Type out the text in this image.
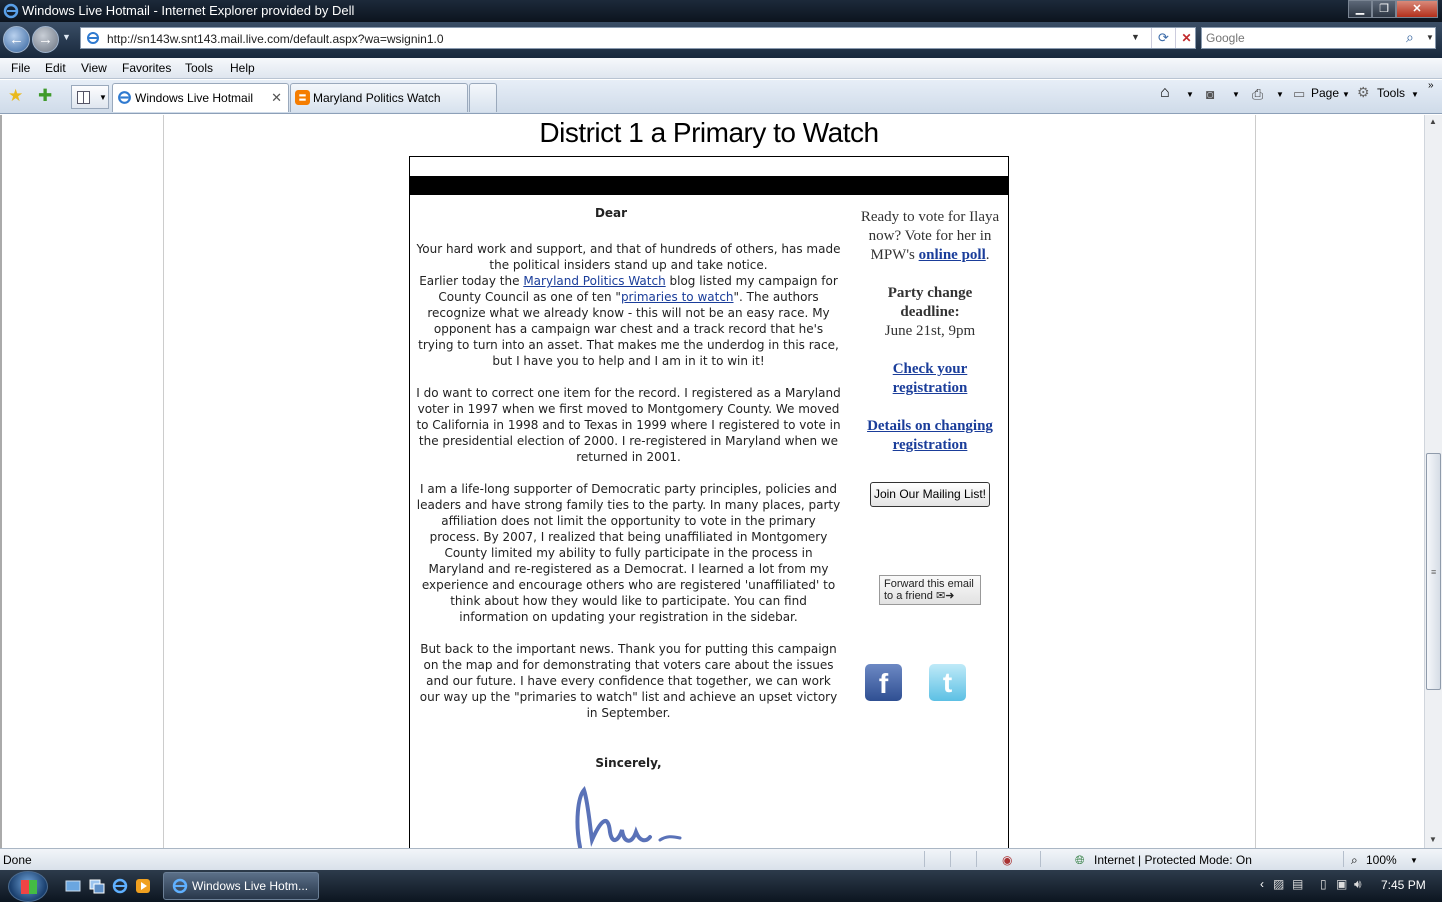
Windows Live Hotmail - Internet Explorer provided by Dell	▁	❐	✕
← →	▼	http://sn143w.snt143.mail.live.com/default.aspx?wa=wsignin1.0	▼	⟳	✕
Google	⌕ ▼
File Edit View Favorites Tools Help
★ ✚	▼ Windows Live Hotmail ✕	Maryland Politics Watch	⌂ ▼ ◙ ▼ ⎙ ▼ ▭ Page ▼ ⚙ Tools ▼
»
District 1 a Primary to Watch
Dear

Your hard work and support, and that of hundreds of others, has made the political insiders stand up and take notice.
Earlier today the Maryland Politics Watch blog listed my campaign for County Council as one of ten "primaries to watch". The authors recognize what we already know - this will not be an easy race. My opponent has a campaign war chest and a track record that he's trying to turn into an asset. That makes me the underdog in this race, but I have you to help and I am in it to win it!

I do want to correct one item for the record. I registered as a Maryland voter in 1997 when we first moved to Montgomery County. We moved to California in 1998 and to Texas in 1999 where I registered to vote in the presidential election of 2000. I re-registered in Maryland when we returned in 2001.

I am a life-long supporter of Democratic party principles, policies and leaders and have strong family ties to the party. In many places, party affiliation does not limit the opportunity to vote in the primary process. By 2007, I realized that being unaffiliated in Montgomery County limited my ability to fully participate in the process in Maryland and re-registered as a Democrat. I learned a lot from my experience and encourage others who are registered 'unaffiliated' to think about how they would like to participate. You can find information on updating your registration in the sidebar.

But back to the important news. Thank you for putting this campaign on the map and for demonstrating that voters care about the issues and our future. I have every confidence that together, we can work our way up the "primaries to watch" list and achieve an upset victory in September.

Sincerely,
Ready to vote for Ilaya now? Vote for her in MPW's online poll.
Party change deadline:
June 21st, 9pm
Check your registration
Details on changing registration
Join Our Mailing List!
Forward this email
to a friend ✉➜
f	t
▲
≡
▼
Done	◉	🌐︎ Internet | Protected Mode: On	⌕ 100% ▼
Windows Live Hotm...	‹ ▨ ▤ ▯ ▣ 🔊︎ 7:45 PM
